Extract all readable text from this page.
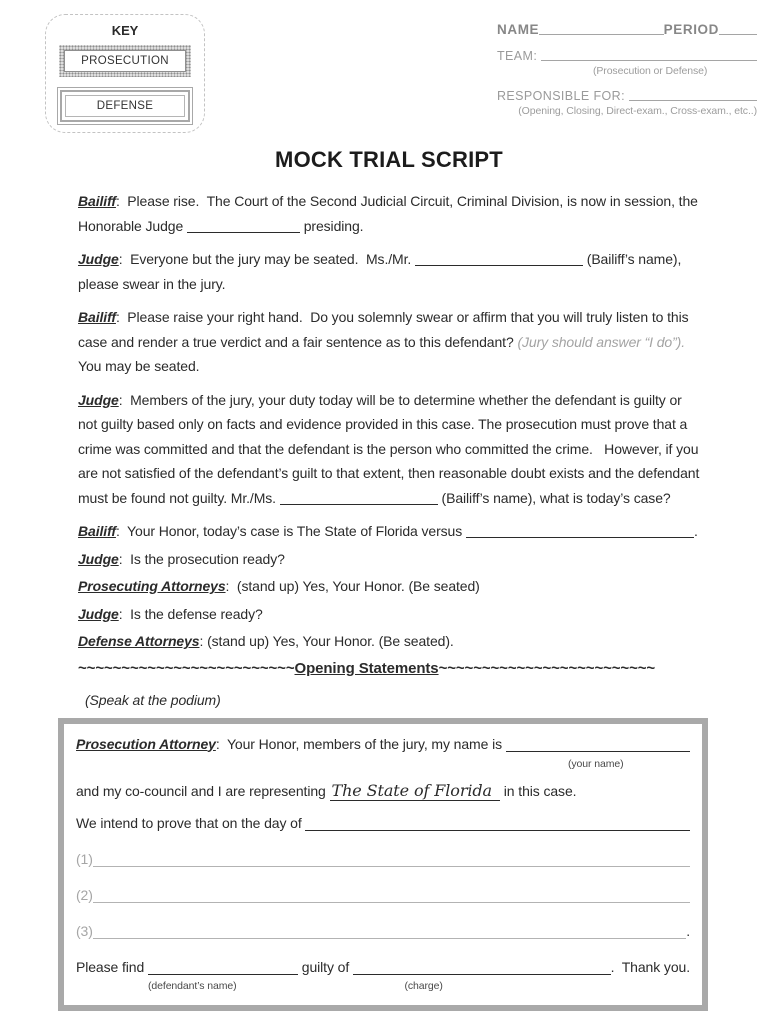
KEY
PROSECUTION
DEFENSE
NAME	PERIOD
TEAM:
(Prosecution or Defense)
RESPONSIBLE FOR:
(Opening, Closing, Direct-exam., Cross-exam., etc..)
MOCK TRIAL SCRIPT

Bailiff:  Please rise.  The Court of the Second Judicial Circuit, Criminal Division, is now in session, the Honorable Judge	presiding.

Judge:  Everyone but the jury may be seated.  Ms./Mr.	(Bailiff’s name), please swear in the jury.

Bailiff:  Please raise your right hand.  Do you solemnly swear or affirm that you will truly listen to this case and render a true verdict and a fair sentence as to this defendant? (Jury should answer “I do”). You may be seated.

Judge:  Members of the jury, your duty today will be to determine whether the defendant is guilty or not guilty based only on facts and evidence provided in this case. The prosecution must prove that a crime was committed and that the defendant is the person who committed the crime.   However, if you are not satisfied of the defendant’s guilt to that extent, then reasonable doubt exists and the defendant must be found not guilty. Mr./Ms.	(Bailiff’s name), what is today’s case?

Bailiff:  Your Honor, today’s case is The State of Florida versus	.

Judge:  Is the prosecution ready?

Prosecuting Attorneys:  (stand up) Yes, Your Honor. (Be seated)

Judge:  Is the defense ready?

Defense Attorneys: (stand up) Yes, Your Honor. (Be seated).

~~~~~~~~~~~~~~~~~~~~~~~~~Opening Statements~~~~~~~~~~~~~~~~~~~~~~~~~
(Speak at the podium)
Prosecution Attorney :  Your Honor, members of the jury, my name is
(your name)
and my co-council and I are representing The State of Florida in this case.
We intend to prove that on the day of
(1)
(2)
(3)	.
Please find	guilty of	.  Thank you.
(defendant’s name)	(charge)
